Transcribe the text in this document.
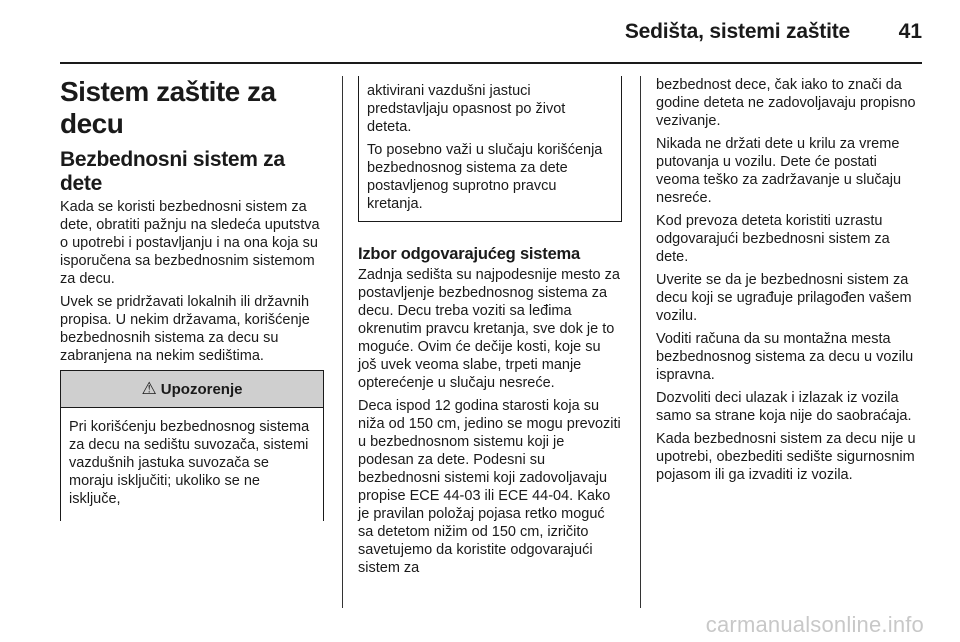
Sedišta, sistemi zaštite	41
Sistem zaštite za decu
Bezbednosni sistem za dete

Kada se koristi bezbednosni sistem za dete, obratiti pažnju na sledeća uputstva o upotrebi i postavljanju i na ona koja su isporučena sa bezbednosnim sistemom za decu.

Uvek se pridržavati lokalnih ili državnih propisa. U nekim državama, korišćenje bezbednosnih sistema za decu su zabranjena na nekim sedištima.

⚠ Upozorenje

Pri korišćenju bezbednosnog sistema za decu na sedištu suvozača, sistemi vazdušnih jastuka suvozača se moraju isključiti; ukoliko se ne isključe,

aktivirani vazdušni jastuci predstavljaju opasnost po život deteta.

To posebno važi u slučaju korišćenja bezbednosnog sistema za dete postavljenog suprotno pravcu kretanja.

Izbor odgovarajućeg sistema

Zadnja sedišta su najpodesnije mesto za postavljenje bezbednosnog sistema za decu. Decu treba voziti sa leđima okrenutim pravcu kretanja, sve dok je to moguće. Ovim će dečije kosti, koje su još uvek veoma slabe, trpeti manje opterećenje u slučaju nesreće.

Deca ispod 12 godina starosti koja su niža od 150 cm, jedino se mogu prevoziti u bezbednosnom sistemu koji je podesan za dete. Podesni su bezbednosni sistemi koji zadovoljavaju propise ECE 44-03 ili ECE 44-04. Kako je pravilan položaj pojasa retko moguć sa detetom nižim od 150 cm, izričito savetujemo da koristite odgovarajući sistem za

bezbednost dece, čak iako to znači da godine deteta ne zadovoljavaju propisno vezivanje.

Nikada ne držati dete u krilu za vreme putovanja u vozilu. Dete će postati veoma teško za zadržavanje u slučaju nesreće.

Kod prevoza deteta koristiti uzrastu odgovarajući bezbednosni sistem za dete.

Uverite se da je bezbednosni sistem za decu koji se ugrađuje prilagođen vašem vozilu.

Voditi računa da su montažna mesta bezbednosnog sistema za decu u vozilu ispravna.

Dozvoliti deci ulazak i izlazak iz vozila samo sa strane koja nije do saobraćaja.

Kada bezbednosni sistem za decu nije u upotrebi, obezbediti sedište sigurnosnim pojasom ili ga izvaditi iz vozila.

carmanualsonline.info
